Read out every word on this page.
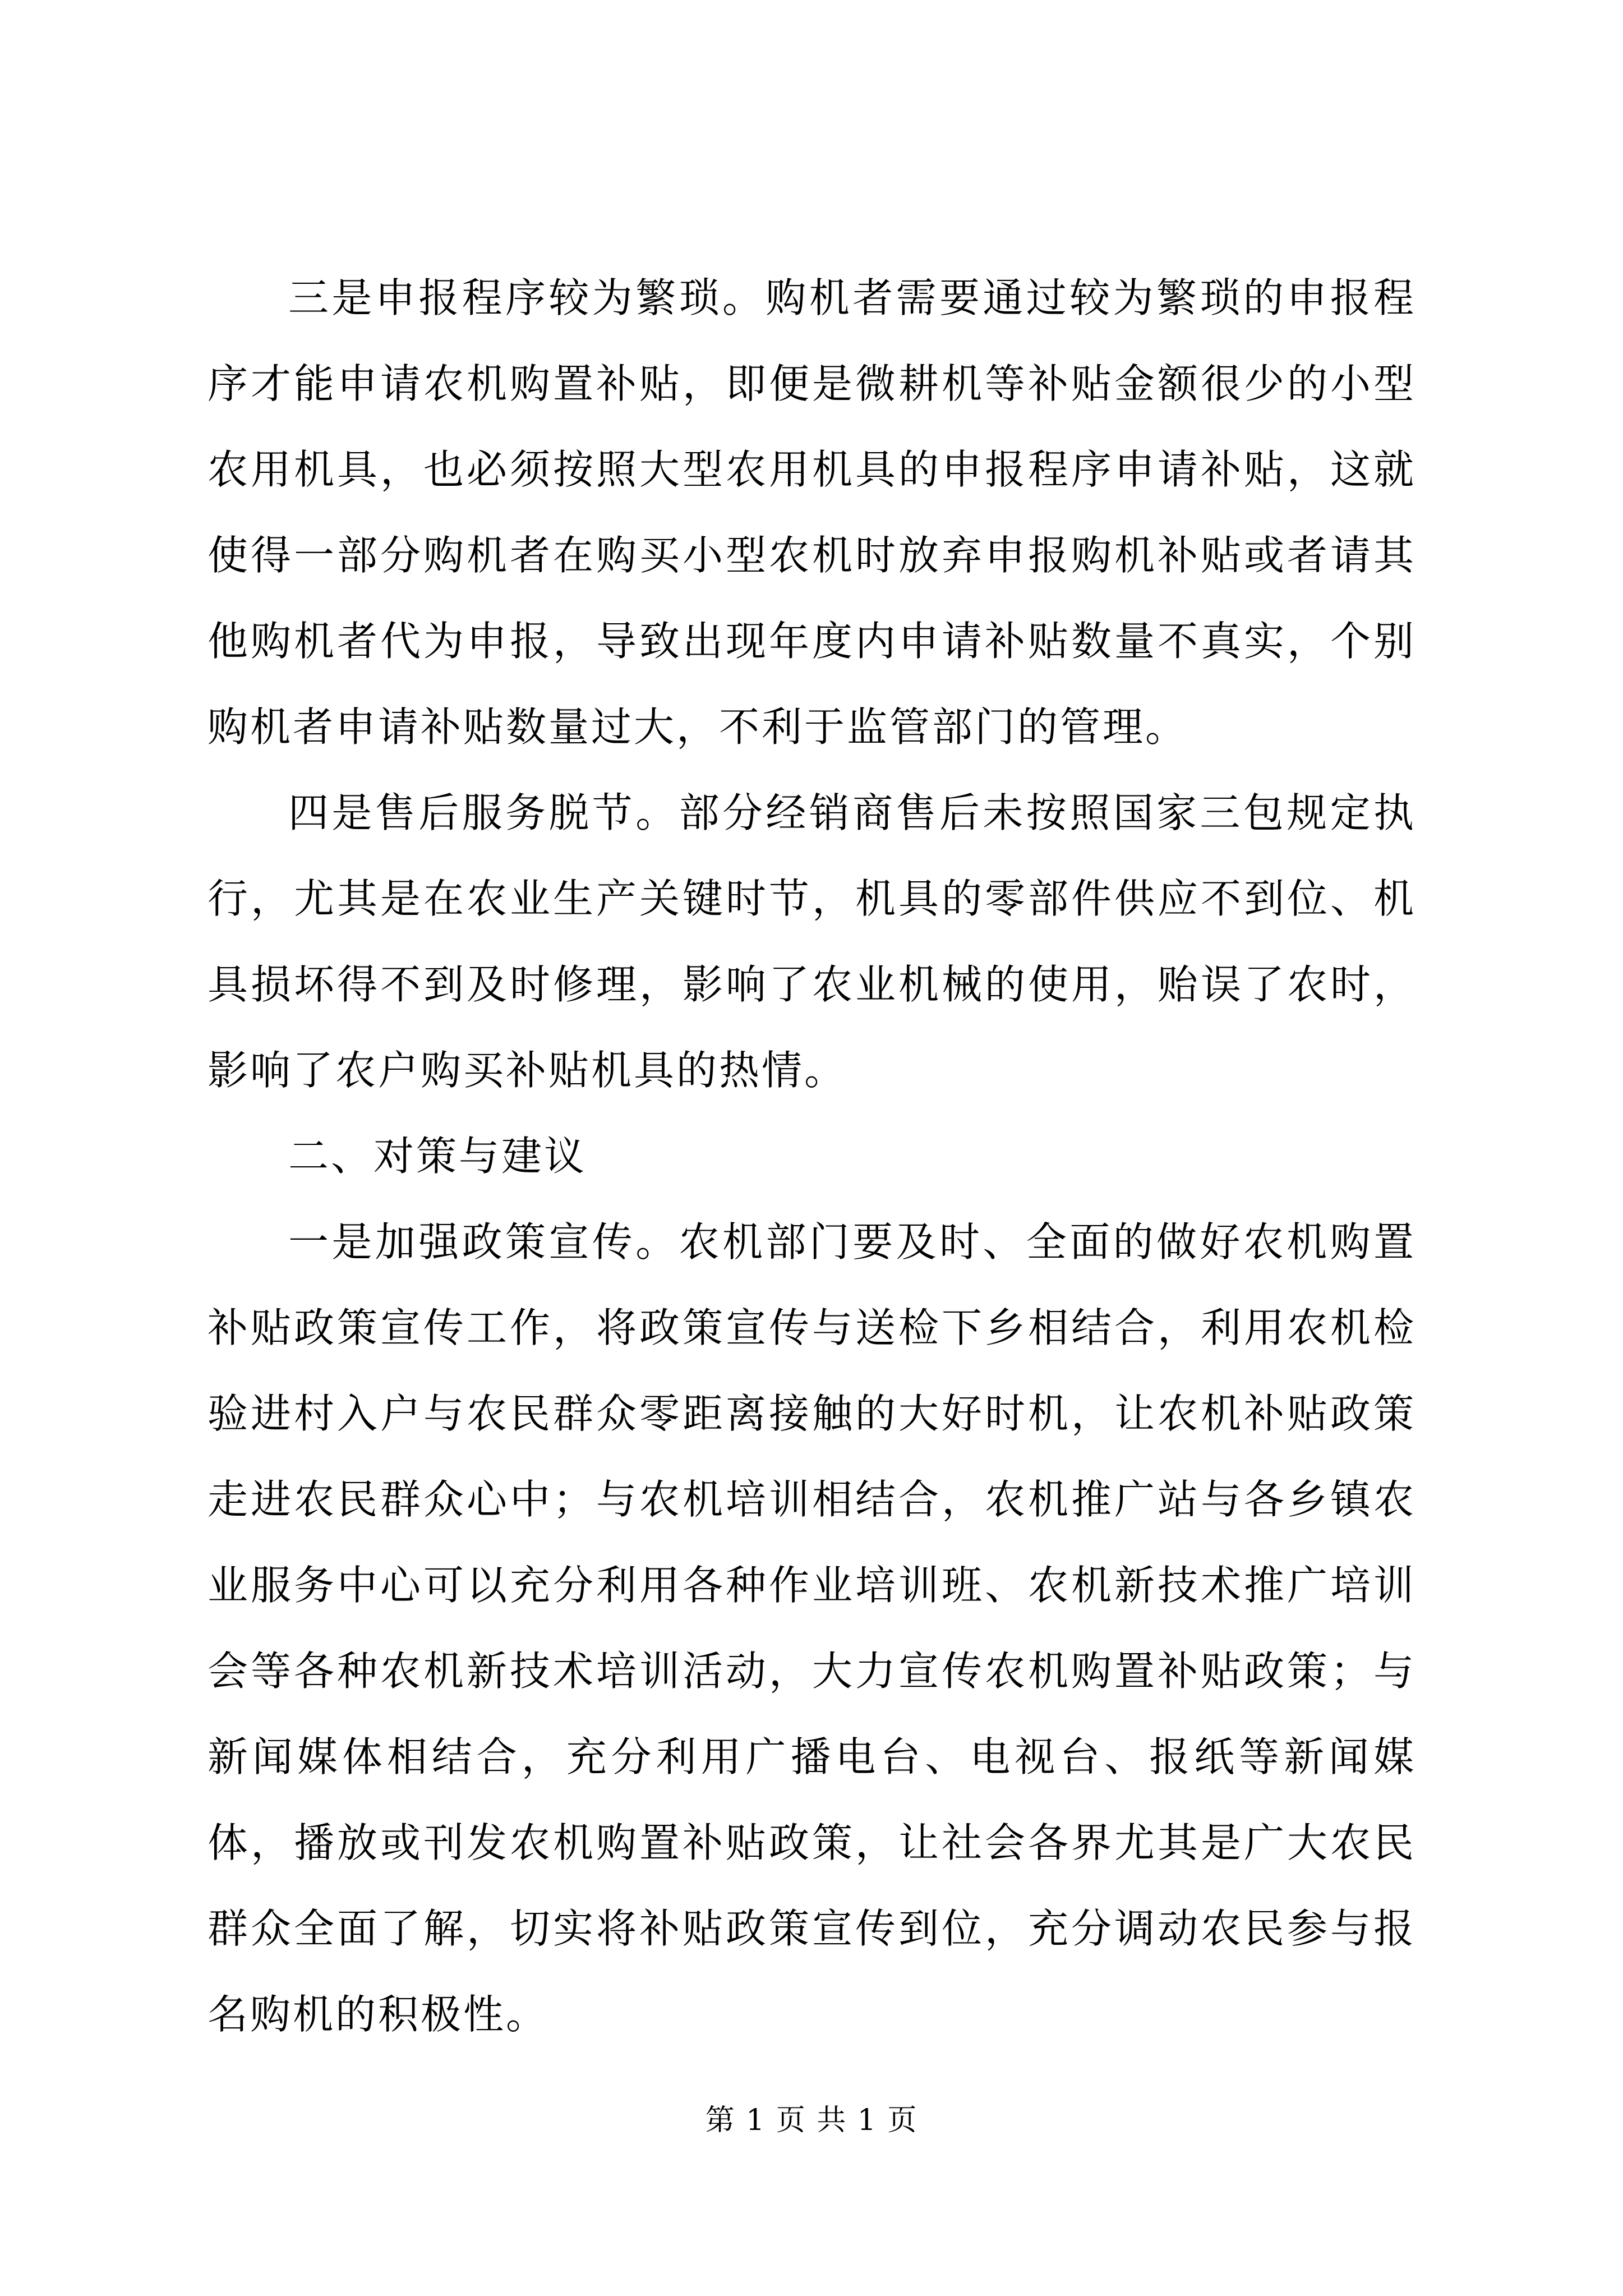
三是申报程序较为繁琐。购机者需要通过较为繁琐的申报程序才能申请农机购置补贴，即便是微耕机等补贴金额很少的小型农用机具，也必须按照大型农用机具的申报程序申请补贴，这就使得一部分购机者在购买小型农机时放弃申报购机补贴或者请其他购机者代为申报，导致出现年度内申请补贴数量不真实，个别购机者申请补贴数量过大，不利于监管部门的管理。

四是售后服务脱节。部分经销商售后未按照国家三包规定执行，尤其是在农业生产关键时节，机具的零部件供应不到位、机具损坏得不到及时修理，影响了农业机械的使用，贻误了农时，影响了农户购买补贴机具的热情。

二、对策与建议

一是加强政策宣传。农机部门要及时、全面的做好农机购置补贴政策宣传工作，将政策宣传与送检下乡相结合，利用农机检验进村入户与农民群众零距离接触的大好时机，让农机补贴政策走进农民群众心中；与农机培训相结合，农机推广站与各乡镇农业服务中心可以充分利用各种作业培训班、农机新技术推广培训会等各种农机新技术培训活动，大力宣传农机购置补贴政策；与新闻媒体相结合，充分利用广播电台、电视台、报纸等新闻媒体，播放或刊发农机购置补贴政策，让社会各界尤其是广大农民群众全面了解，切实将补贴政策宣传到位，充分调动农民参与报名购机的积极性。

第 1 页 共 1 页
